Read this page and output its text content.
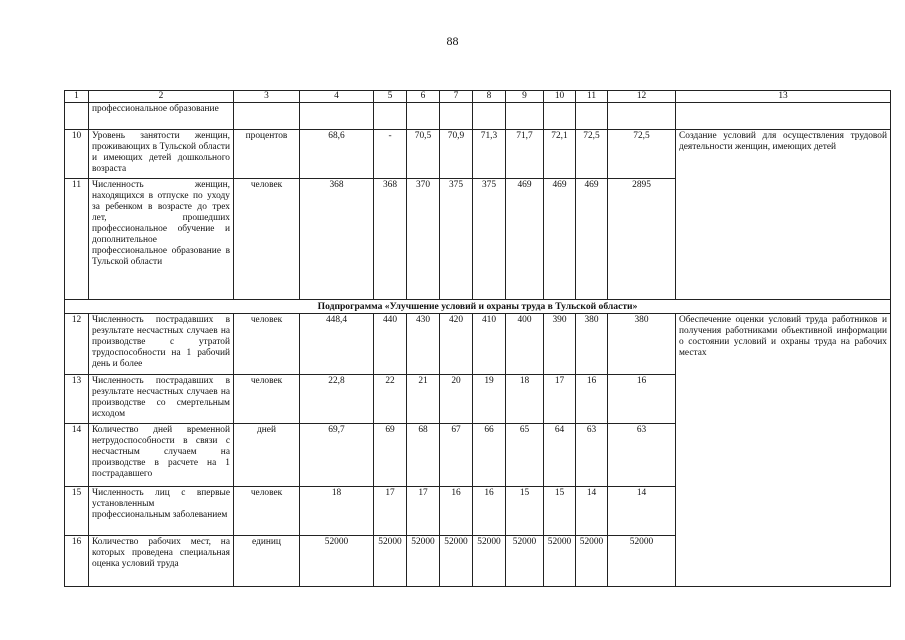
88
1	2	3	4	5	6	7	8	9	10	11	12	13	
	профессиональное образование												
10	Уровень занятости женщин, проживающих в Тульской области и имеющих детей дошкольного возраста	процентов	68,6	-	70,5	70,9	71,3	71,7	72,1	72,5	72,5	Создание условий для осуществления трудовой деятельности женщин, имеющих детей	
11	Численность женщин, находящихся в отпуске по уходу за ребенком в возрасте до трех лет, прошедших профессиональное обучение и дополнительное профессиональное образование в Тульской области	человек	368	368	370	375	375	469	469	469	2895		
Подпрограмма «Улучшение условий и охраны труда в Тульской области»													
12	Численность пострадавших в результате несчастных случаев на производстве с утратой трудоспособности на 1 рабочий день и более	человек	448,4	440	430	420	410	400	390	380	380	Обеспечение оценки условий труда работников и получения работниками объективной информации о состоянии условий и охраны труда на рабочих местах	
13	Численность пострадавших в результате несчастных случаев на производстве со смертельным исходом	человек	22,8	22	21	20	19	18	17	16	16		
14	Количество дней временной нетрудоспособности в связи с несчастным случаем на производстве в расчете на 1 пострадавшего	дней	69,7	69	68	67	66	65	64	63	63		
15	Численность лиц с впервые установленным профессиональным заболеванием	человек	18	17	17	16	16	15	15	14	14		
16	Количество рабочих мест, на которых проведена специальная оценка условий труда	единиц	52000	52000	52000	52000	52000	52000	52000	52000	52000		
